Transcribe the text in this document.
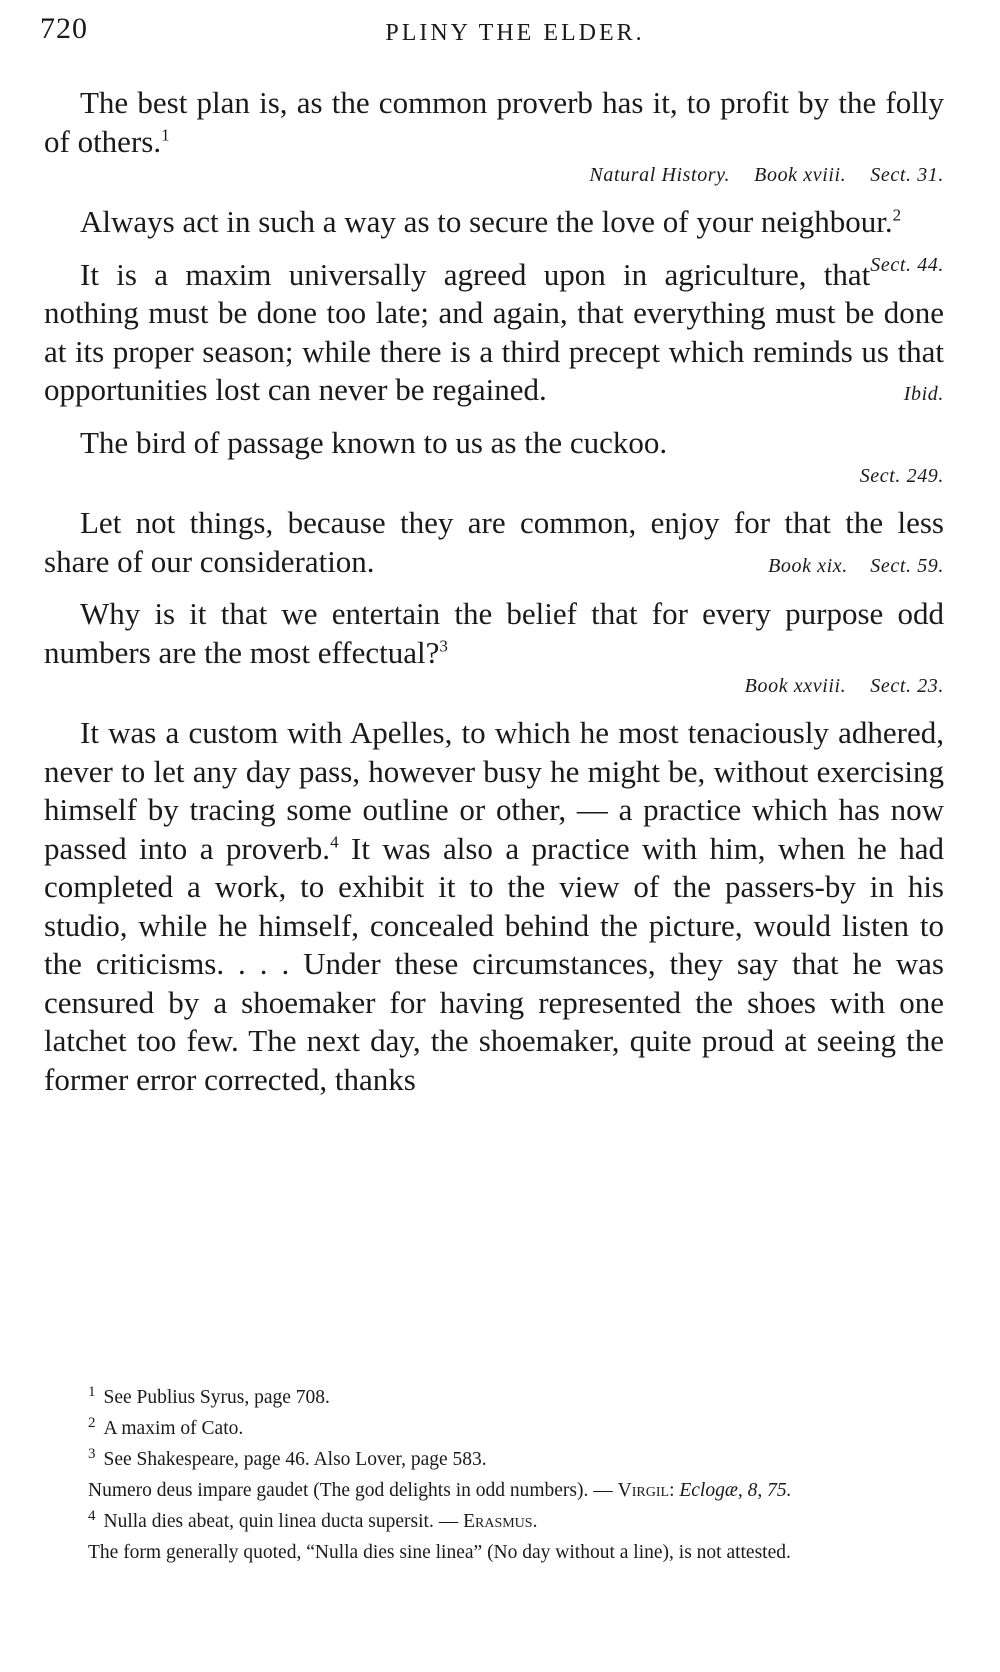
720	PLINY THE ELDER.
The best plan is, as the common proverb has it, to profit by the folly of others.$^1$
Natural History. Book xviii. Sect. 31.
Always act in such a way as to secure the love of your neighbour.$^2$
Sect. 44.
It is a maxim universally agreed upon in agriculture, that nothing must be done too late; and again, that everything must be done at its proper season; while there is a third precept which reminds us that opportunities lost can never be regained.	Ibid.
The bird of passage known to us as the cuckoo.
Sect. 249.
Let not things, because they are common, enjoy for that the less share of our consideration.	Book xix. Sect. 59.
Why is it that we entertain the belief that for every purpose odd numbers are the most effectual?$^3$
Book xxviii. Sect. 23.
It was a custom with Apelles, to which he most tenaciously adhered, never to let any day pass, however busy he might be, without exercising himself by tracing some outline or other, — a practice which has now passed into a proverb.$^4$ It was also a practice with him, when he had completed a work, to exhibit it to the view of the passers-by in his studio, while he himself, concealed behind the picture, would listen to the criticisms. . . . Under these circumstances, they say that he was censured by a shoemaker for having represented the shoes with one latchet too few. The next day, the shoemaker, quite proud at seeing the former error corrected, thanks
$^1$ See Publius Syrus, page 708.
$^2$ A maxim of Cato.
$^3$ See Shakespeare, page 46. Also Lover, page 583.
Numero deus impare gaudet (The god delights in odd numbers). — Virgil: Eclogæ, 8, 75.
$^4$ Nulla dies abeat, quin linea ducta supersit. — Erasmus.
The form generally quoted, “Nulla dies sine linea” (No day without a line), is not attested.
